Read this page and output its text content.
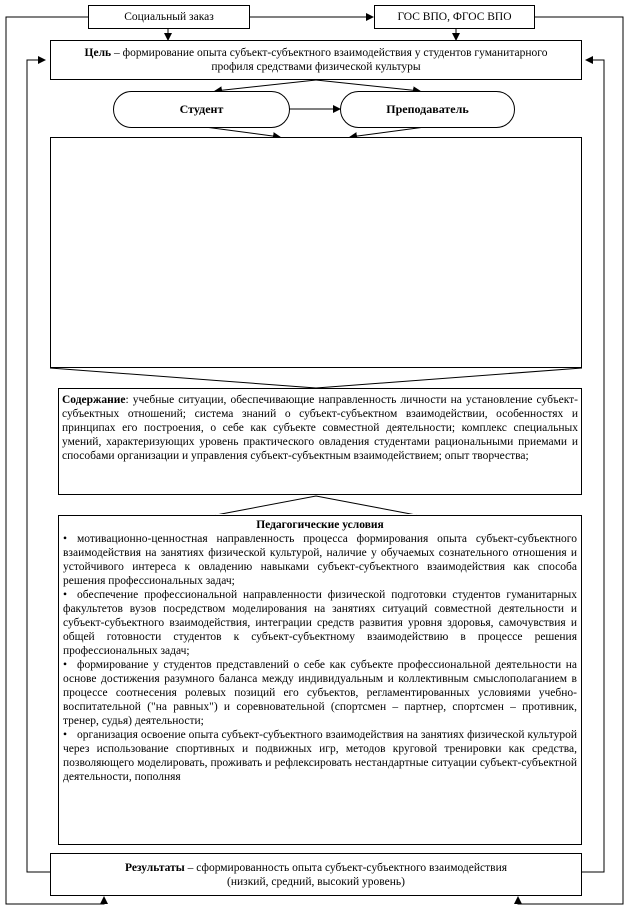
Социальный заказ	ГОС ВПО, ФГОС ВПО
Цель – формирование опыта субъект-субъектного взаимодействия у студентов гуманитарного профиля средствами физической культуры
Студент	Преподаватель
Содержание: учебные ситуации, обеспечивающие направленность личности на установление субъект-субъектных отношений; система знаний о субъект-субъектном взаимодействии, особенностях и принципах его построения, о себе как субъекте совместной деятельности; комплекс специальных умений, характеризующих уровень практического овладения студентами рациональными приемами и способами организации и управления субъект-субъектным взаимодействием; опыт творчества;
Педагогические условия
• мотивационно-ценностная направленность процесса формирования опыта субъект-субъектного взаимодействия на занятиях физической культурой, наличие у обучаемых сознательного отношения и устойчивого интереса к овладению навыками субъект-субъектного взаимодействия как способа решения профессиональных задач;
• обеспечение профессиональной направленности физической подготовки студентов гуманитарных факультетов вузов посредством моделирования на занятиях ситуаций совместной деятельности и субъект-субъектного взаимодействия, интеграции средств развития уровня здоровья, самочувствия и общей готовности студентов к субъект-субъектному взаимодействию в процессе решения профессиональных задач;
• формирование у студентов представлений о себе как субъекте профессиональной деятельности на основе достижения разумного баланса между индивидуальным и коллективным смыслополаганием в процессе соотнесения ролевых позиций его субъектов, регламентированных условиями учебно-воспитательной ("на равных") и соревновательной (спортсмен – партнер, спортсмен – противник, тренер, судья) деятельности;
• организация освоение опыта субъект-субъектного взаимодействия на занятиях физической культурой через использование спортивных и подвижных игр, методов круговой тренировки как средства, позволяющего моделировать, проживать и рефлексировать нестандартные ситуации субъект-субъектной деятельности, пополняя
Результаты – сформированность опыта субъект-субъектного взаимодействия
(низкий, средний, высокий уровень)
